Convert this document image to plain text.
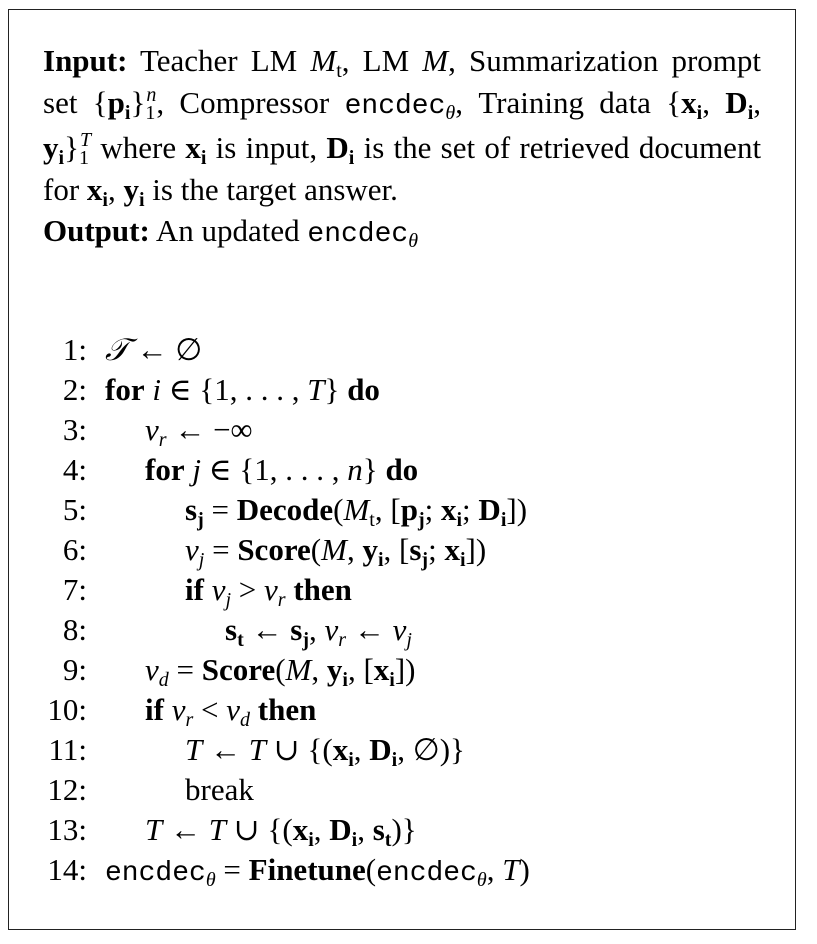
Input: Teacher LM Mt, LM M, Summarization prompt set {pi}1$^n$, Compressor encdecθ, Training data {xi, Di, $yi\}1^T$ where xi is input, Di is the set of retrieved document for xi, yi is the target answer.

Output: An updated encdecθ

1: 𝒯 ← ∅
2: for i ∈ {1, . . . , T} do
3: vr ← −∞
4: for j ∈ {1, . . . , n} do
5:	sj = Decode(Mt, [pj; xi; Di])
6:	vj = Score(M, yi, [sj; xi])
7:	if vj > vr then
8:	st ← sj, vr ← vj
9: vd = Score(M, yi, [xi])
10: if vr < vd then
11:	T ← T ∪ {(xi, Di, ∅)}
12:	break
13: T ← T ∪ {(xi, Di, st)}
14: encdecθ = Finetune(encdecθ, T)
